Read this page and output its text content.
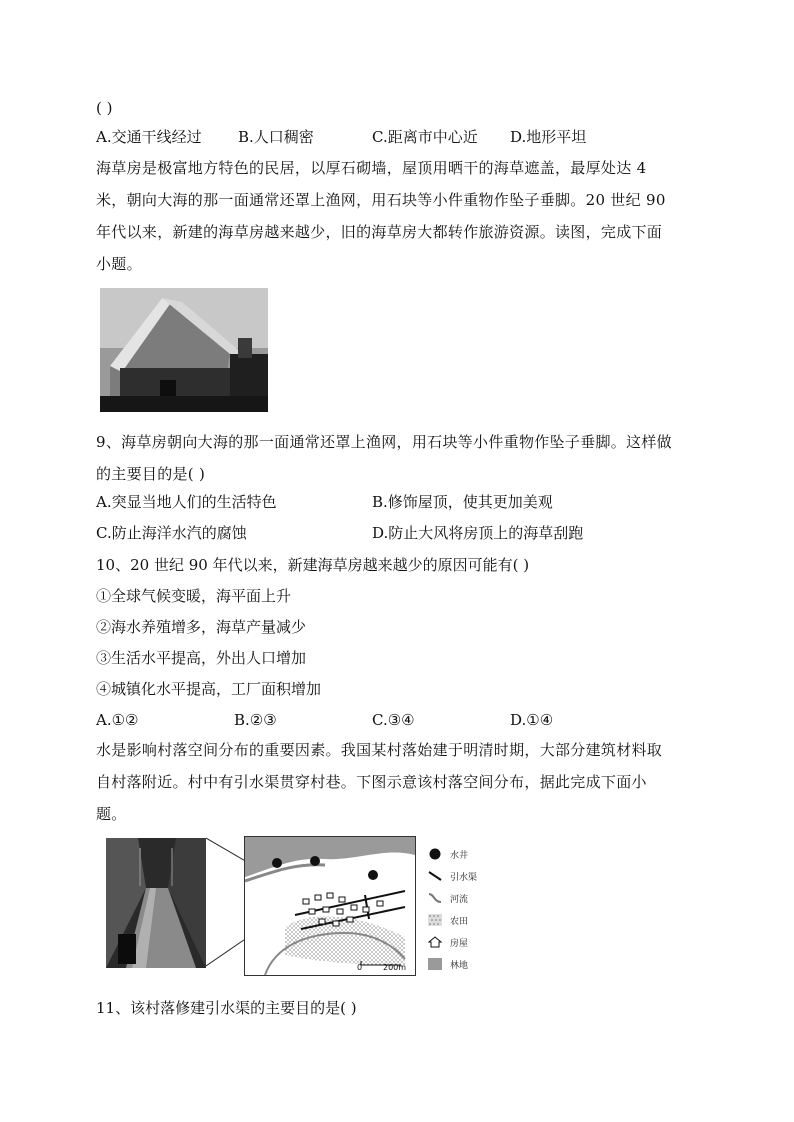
( )
A.交通干线经过 B.人口稠密	C.距离市中心近 D.地形平坦
海草房是极富地方特色的民居，以厚石砌墙，屋顶用晒干的海草遮盖，最厚处达 4
米，朝向大海的那一面通常还罩上渔网，用石块等小件重物作坠子垂脚。20 世纪 90
年代以来，新建的海草房越来越少，旧的海草房大都转作旅游资源。读图，完成下面
小题。
9、海草房朝向大海的那一面通常还罩上渔网，用石块等小件重物作坠子垂脚。这样做
的主要目的是( )
A.突显当地人们的生活特色	B.修饰屋顶，使其更加美观
C.防止海洋水汽的腐蚀	D.防止大风将房顶上的海草刮跑
10、20 世纪 90 年代以来，新建海草房越来越少的原因可能有( )
①全球气候变暖，海平面上升
②海水养殖增多，海草产量减少
③生活水平提高，外出人口增加
④城镇化水平提高，工厂面积增加
A.①②	B.②③	C.③④	D.①④
水是影响村落空间分布的重要因素。我国某村落始建于明清时期，大部分建筑材料取
自村落附近。村中有引水渠贯穿村巷。下图示意该村落空间分布，据此完成下面小
题。
0	200m
水井
引水渠
河流
农田
房屋
林地
11、该村落修建引水渠的主要目的是( )
